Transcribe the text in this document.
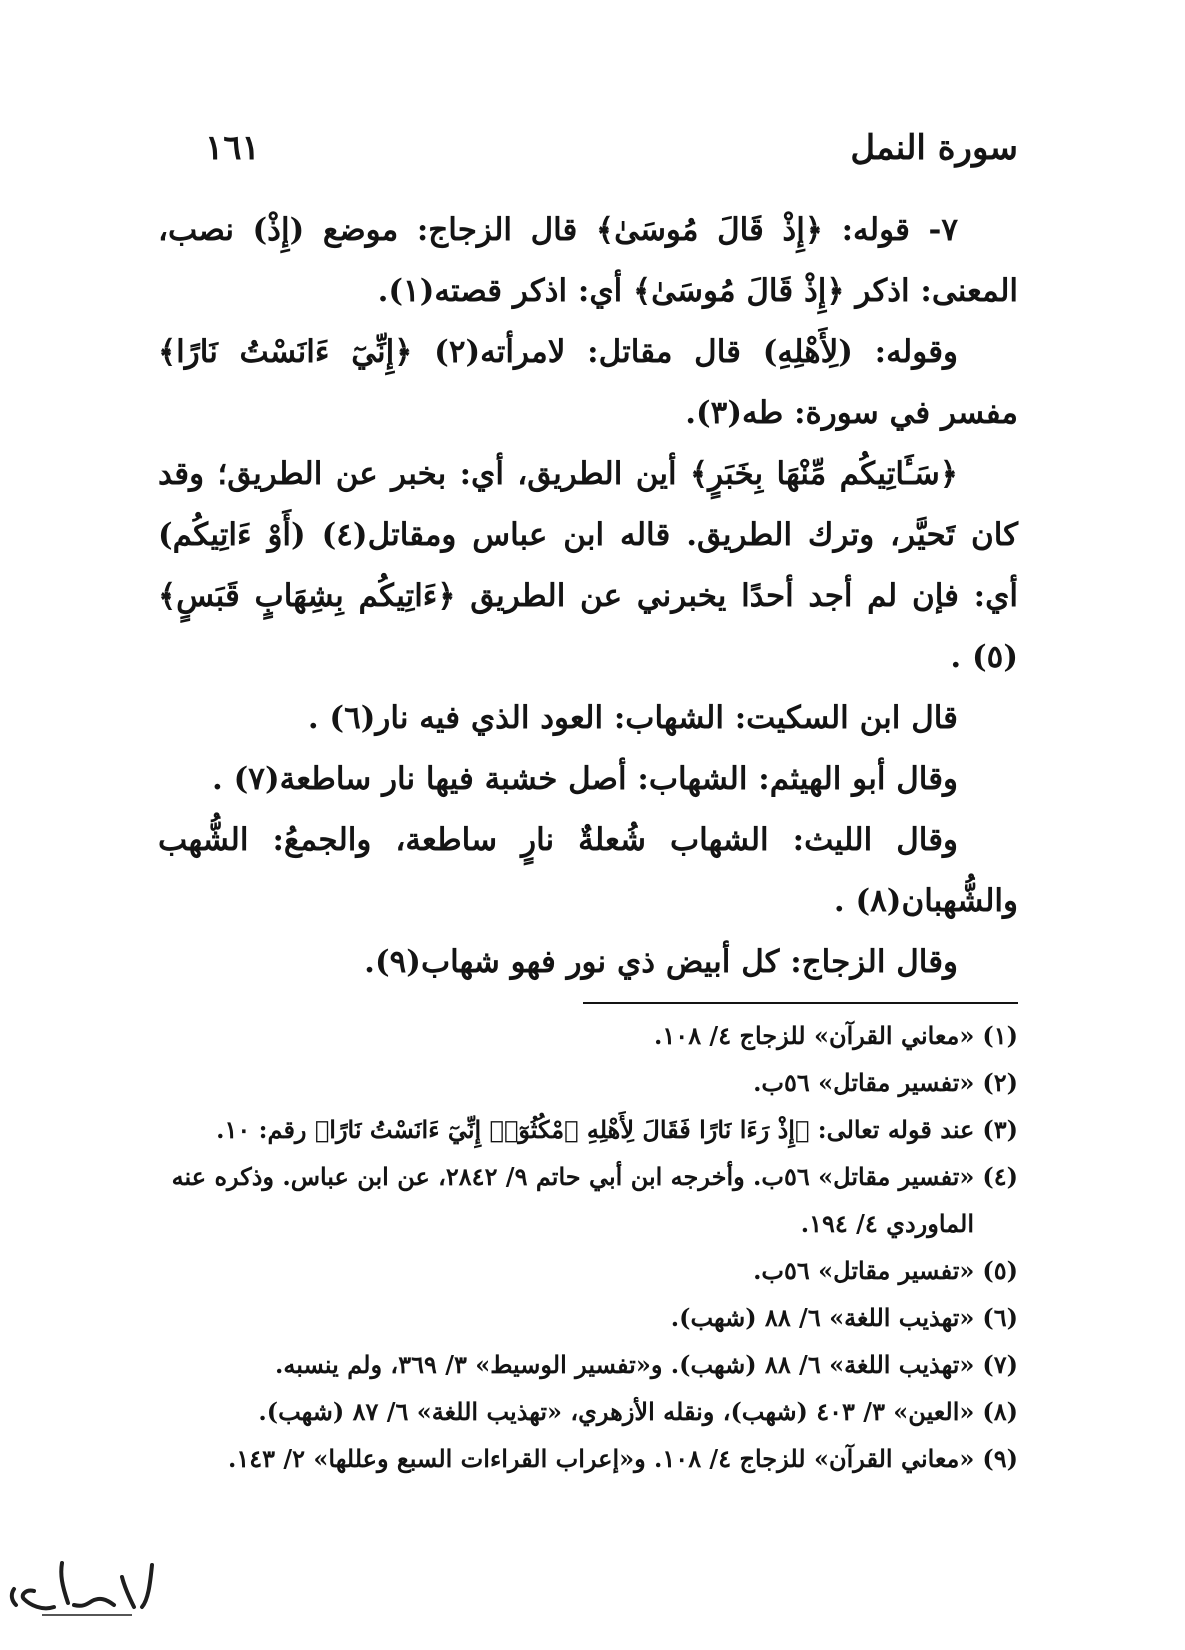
سورة النمل
١٦١

٧- قوله: ﴿إِذْ قَالَ مُوسَىٰ﴾ قال الزجاج: موضع (إِذْ) نصب، المعنى: اذكر ﴿إِذْ قَالَ مُوسَىٰ﴾ أي: اذكر قصته(١).

وقوله: (لِأَهْلِهِ) قال مقاتل: لامرأته(٢) ﴿إِنِّيٓ ءَانَسْتُ نَارًا﴾ مفسر في سورة: طه(٣).

﴿سَـَٔاتِيكُم مِّنْهَا بِخَبَرٍ﴾ أين الطريق، أي: بخبر عن الطريق؛ وقد كان تَحيَّر، وترك الطريق. قاله ابن عباس ومقاتل(٤) (أَوْ ءَاتِيكُم) أي: فإن لم أجد أحدًا يخبرني عن الطريق ﴿ءَاتِيكُم بِشِهَابٍ قَبَسٍ﴾(٥) .

قال ابن السكيت: الشهاب: العود الذي فيه نار(٦) .

وقال أبو الهيثم: الشهاب: أصل خشبة فيها نار ساطعة(٧) .

وقال الليث: الشهاب شُعلةٌ نارٍ ساطعة، والجمعُ: الشُّهب والشُّهبان(٨) .

وقال الزجاج: كل أبيض ذي نور فهو شهاب(٩).

(١)«معاني القرآن» للزجاج ٤/ ١٠٨.
(٢)«تفسير مقاتل» ٥٦ب.
(٣)عند قوله تعالى: ﴿إِذْ رَءَا نَارًا فَقَالَ لِأَهْلِهِ ٱمْكُثُوٓا۟ إِنِّيٓ ءَانَسْتُ نَارًا﴾ رقم: ١٠.
(٤)«تفسير مقاتل» ٥٦ب. وأخرجه ابن أبي حاتم ٩/ ٢٨٤٢، عن ابن عباس. وذكره عنه
الماوردي ٤/ ١٩٤.
(٥)«تفسير مقاتل» ٥٦ب.
(٦)«تهذيب اللغة» ٦/ ٨٨ (شهب).
(٧)«تهذيب اللغة» ٦/ ٨٨ (شهب). و«تفسير الوسيط» ٣/ ٣٦٩، ولم ينسبه.
(٨)«العين» ٣/ ٤٠٣ (شهب)، ونقله الأزهري، «تهذيب اللغة» ٦/ ٨٧ (شهب).
(٩)«معاني القرآن» للزجاج ٤/ ١٠٨. و«إعراب القراءات السبع وعللها» ٢/ ١٤٣.
